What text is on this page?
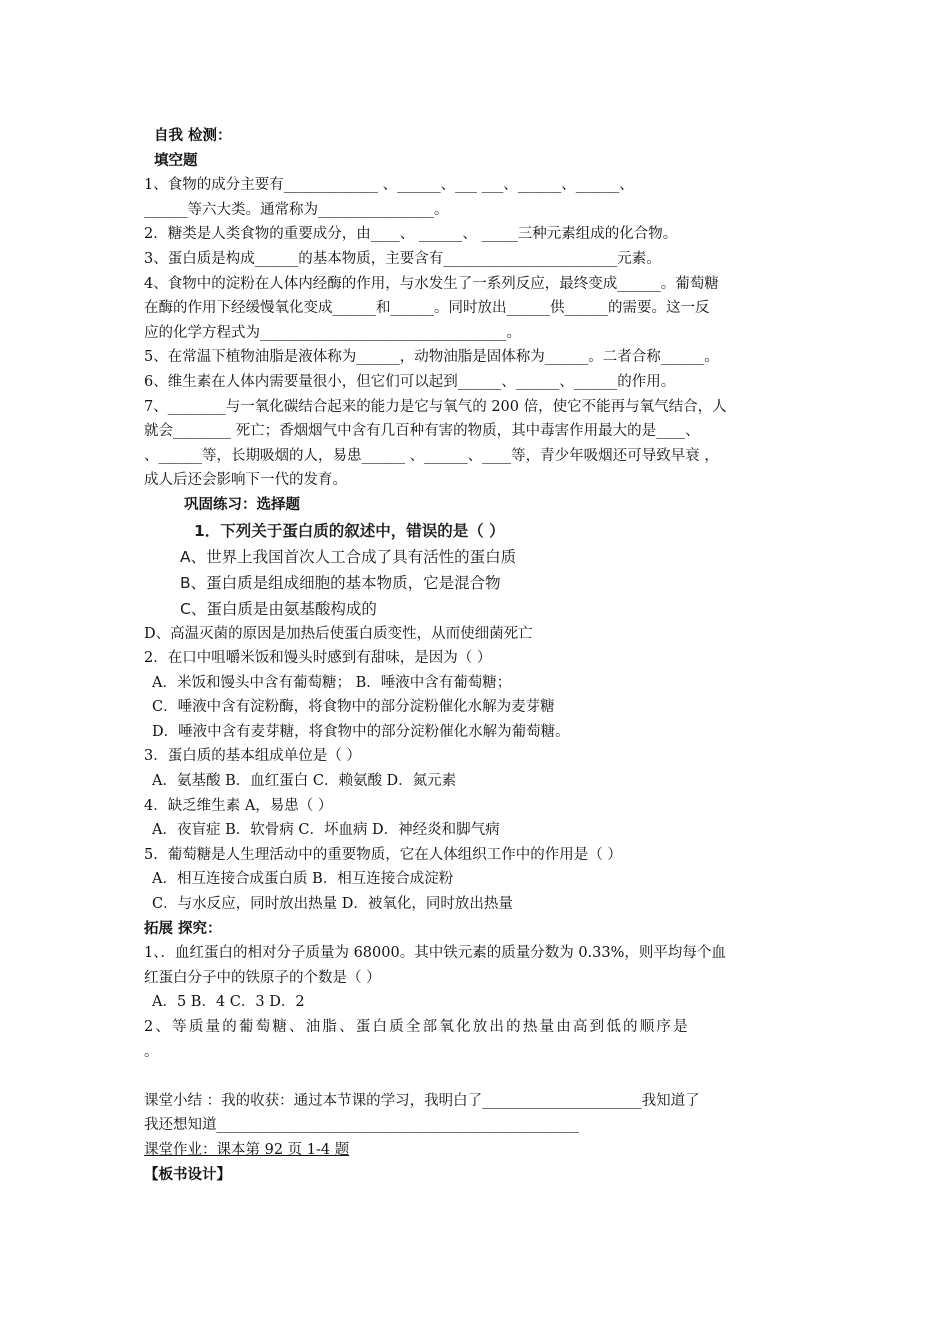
自我 检测：
填空题
1、食物的成分主要有_____________ 、______、___ ___、______、______、
______等六大类。通常称为________________。
2．糖类是人类食物的重要成分，由____、 ______、 _____三种元素组成的化合物。
3、蛋白质是构成______的基本物质，主要含有________________________元素。
4、食物中的淀粉在人体内经酶的作用，与水发生了一系列反应，最终变成______。葡萄糖
在酶的作用下经缓慢氧化变成______和______。同时放出______供______的需要。这一反
应的化学方程式为__________________________________。
5、在常温下植物油脂是液体称为______，动物油脂是固体称为______。二者合称______。
6、维生素在人体内需要量很小，但它们可以起到______、______、______的作用。
7、________与一氧化碳结合起来的能力是它与氧气的 200 倍，使它不能再与氧气结合，人
就会________ 死亡；香烟烟气中含有几百种有害的物质，其中毒害作用最大的是____、
、______等，长期吸烟的人，易患______ 、______、____等，青少年吸烟还可导致早衰 ，
成人后还会影响下一代的发育。
巩固练习：选择题
1．下列关于蛋白质的叙述中，错误的是（ ）
A、世界上我国首次人工合成了具有活性的蛋白质
B、蛋白质是组成细胞的基本物质，它是混合物
C、蛋白质是由氨基酸构成的
D、高温灭菌的原因是加热后使蛋白质变性，从而使细菌死亡
2．在口中咀嚼米饭和馒头时感到有甜味，是因为（ ）
A．米饭和馒头中含有葡萄糖； B．唾液中含有葡萄糖；
C．唾液中含有淀粉酶，将食物中的部分淀粉催化水解为麦芽糖
D．唾液中含有麦芽糖，将食物中的部分淀粉催化水解为葡萄糖。
3．蛋白质的基本组成单位是（ ）
A．氨基酸 B．血红蛋白 C．赖氨酸 D．氮元素
4．缺乏维生素 A，易患（ ）
A．夜盲症 B．软骨病 C．坏血病 D．神经炎和脚气病
5．葡萄糖是人生理活动中的重要物质，它在人体组织工作中的作用是（ ）
A．相互连接合成蛋白质 B．相互连接合成淀粉
C．与水反应，同时放出热量 D．被氧化，同时放出热量
拓展 探究：
1、．血红蛋白的相对分子质量为 68000。其中铁元素的质量分数为 0.33%，则平均每个血
红蛋白分子中的铁原子的个数是（ ）
A．5 B．4 C．3 D．2
2、等质量的葡萄糖、油脂、蛋白质全部氧化放出的热量由高到低的顺序是
。
课堂小结 ：我的收获：通过本节课的学习，我明白了______________________我知道了
我还想知道__________________________________________________
课堂作业：课本第 92 页 1-4 题
【板书设计】
